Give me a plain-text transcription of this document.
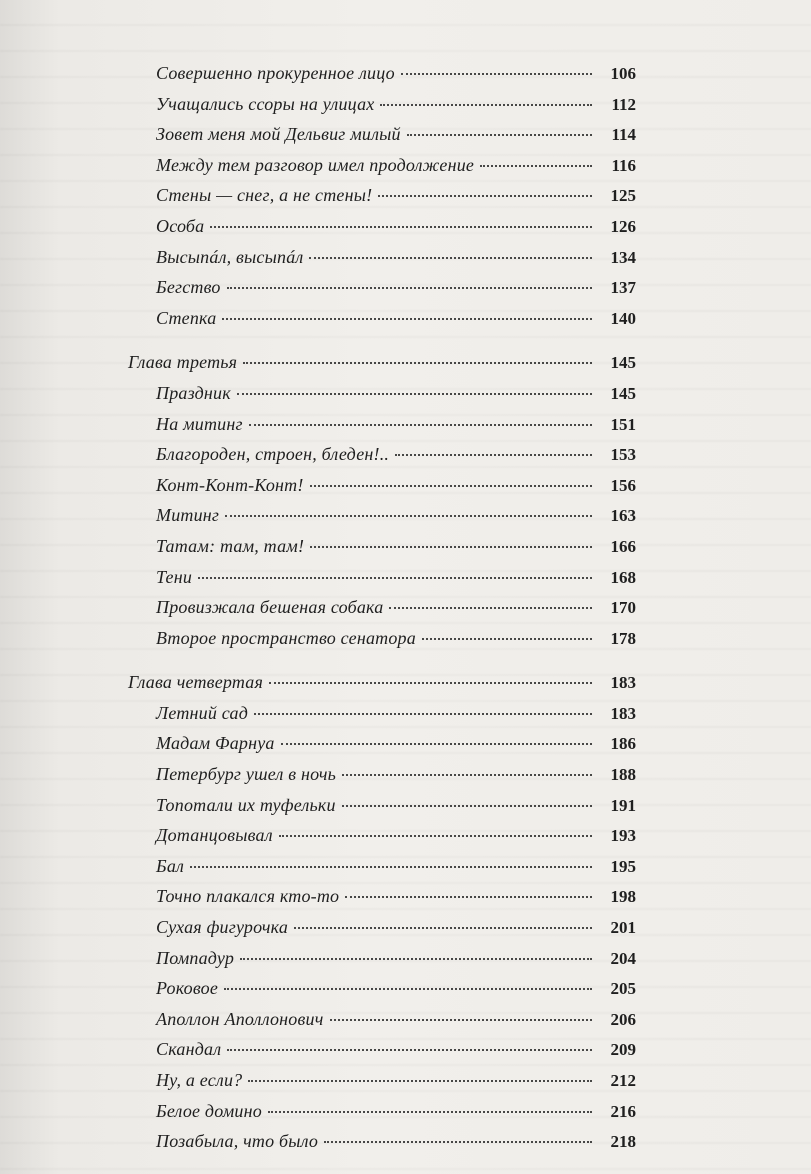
Совершенно прокуренное лицо	106
Учащались ссоры на улицах	112
Зовет меня мой Дельвиг милый	114
Между тем разговор имел продолжение	116
Стены — снег, а не стены!	125
Особа	126
Высыпáл, высыпáл	134
Бегство	137
Степка	140
Глава третья	145
Праздник	145
На митинг	151
Благороден, строен, бледен!..	153
Конт-Конт-Конт!	156
Митинг	163
Татам: там, там!	166
Тени	168
Провизжала бешеная собака	170
Второе пространство сенатора	178
Глава четвертая	183
Летний сад	183
Мадам Фарнуа	186
Петербург ушел в ночь	188
Топотали их туфельки	191
Дотанцовывал	193
Бал	195
Точно плакался кто-то	198
Сухая фигурочка	201
Помпадур	204
Роковое	205
Аполлон Аполлонович	206
Скандал	209
Ну, а если?	212
Белое домино	216
Позабыла, что было	218
